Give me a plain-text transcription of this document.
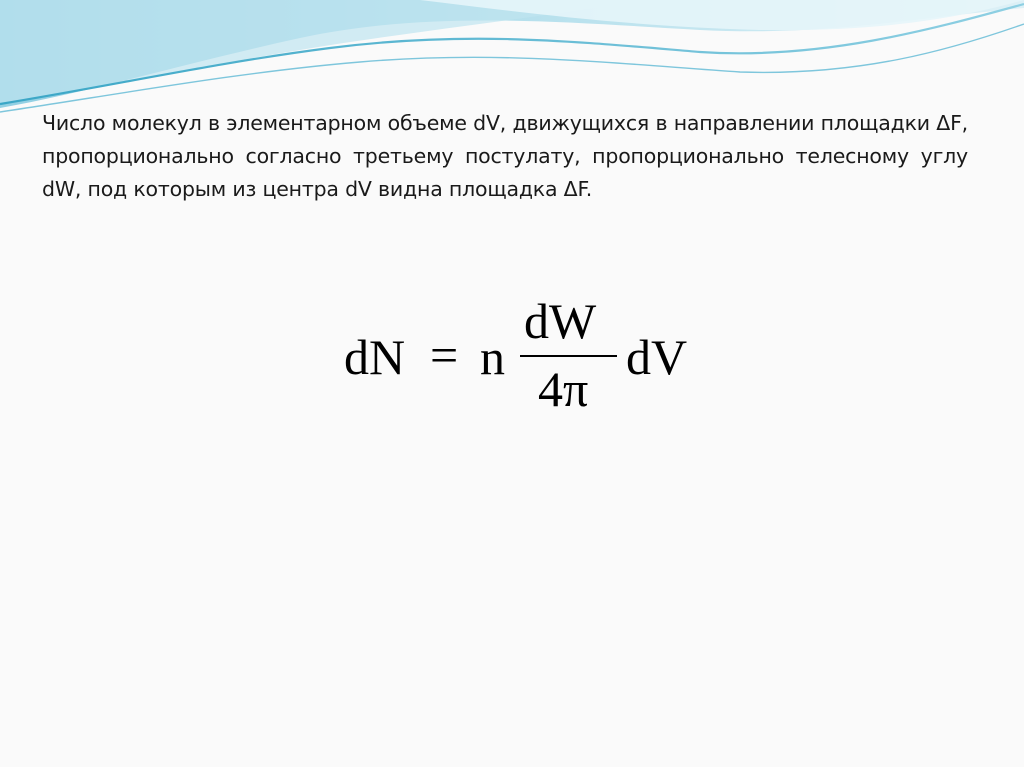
Число молекул в элементарном объеме dV, движущихся в направлении площадки ΔF, пропорционально согласно третьему постулату, пропорционально телесному углу dW, под которым из центра dV видна площадка ΔF.

dN = n
dW
4π
dV
